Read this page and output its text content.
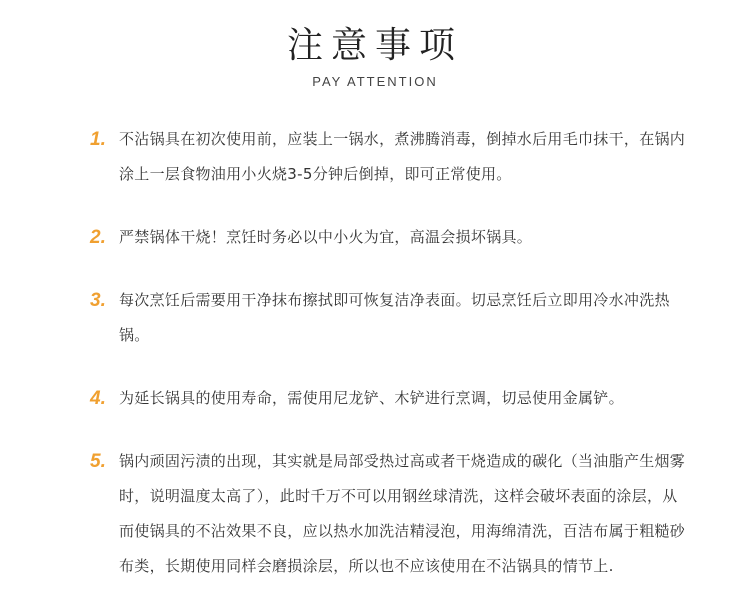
注意事项
PAY ATTENTION
1. 不沾锅具在初次使用前，应装上一锅水，煮沸腾消毒，倒掉水后用毛巾抹干，在锅内涂上一层食物油用小火烧3-5分钟后倒掉，即可正常使用。
2. 严禁锅体干烧！烹饪时务必以中小火为宜，高温会损坏锅具。
3. 每次烹饪后需要用干净抹布擦拭即可恢复洁净表面。切忌烹饪后立即用冷水冲洗热锅。
4. 为延长锅具的使用寿命，需使用尼龙铲、木铲进行烹调，切忌使用金属铲。
5. 锅内顽固污渍的出现，其实就是局部受热过高或者干烧造成的碳化（当油脂产生烟雾时，说明温度太高了），此时千万不可以用钢丝球清洗，这样会破坏表面的涂层，从而使锅具的不沾效果不良，应以热水加洗洁精浸泡，用海绵清洗，百洁布属于粗糙砂布类，长期使用同样会磨损涂层，所以也不应该使用在不沾锅具的情节上.
